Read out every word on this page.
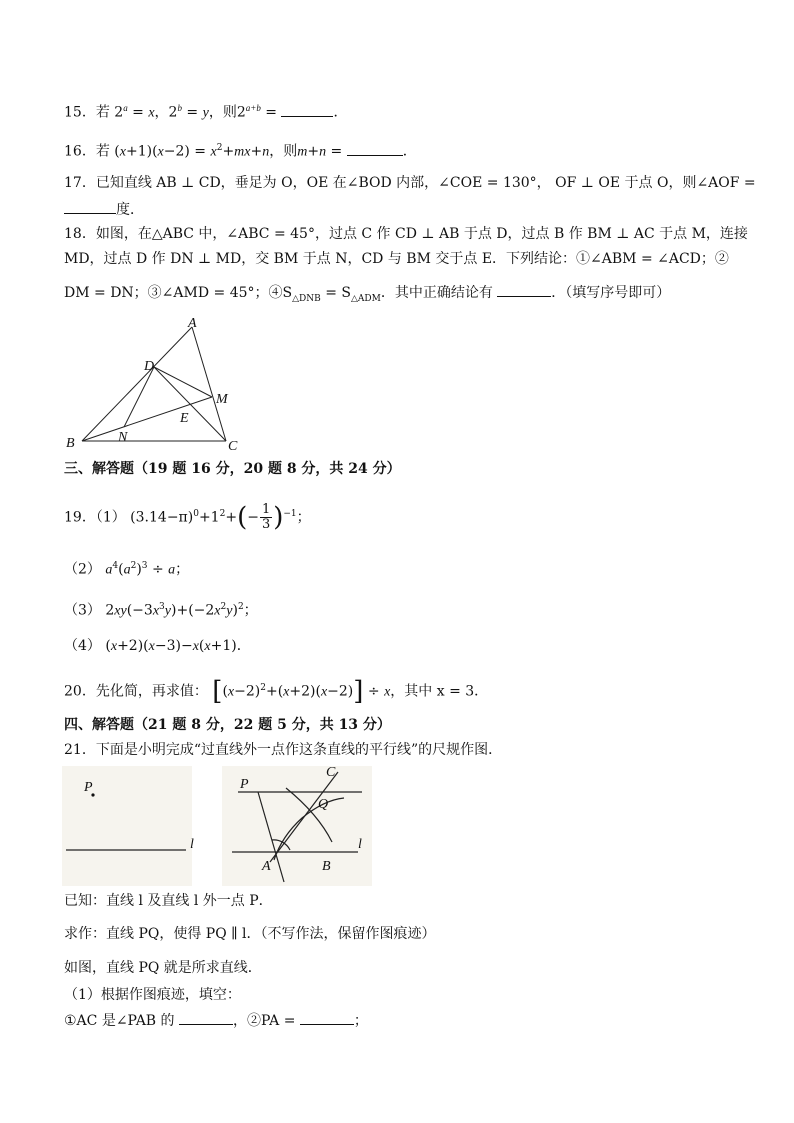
15．若 $2^a = x$，$2^b = y$，则$2^{a+b}$ =	．
16．若 $(x+1)(x-2) = x^2+mx+n$，则m+n =	．
17．已知直线 AB ⊥ CD，垂足为 O，OE 在∠BOD 内部，∠COE = 130°， OF ⊥ OE 于点 O，则∠AOF =
度．
18．如图，在△ABC 中，∠ABC = 45°，过点 C 作 CD ⊥ AB 于点 D，过点 B 作 BM ⊥ AC 于点 M，连接
MD，过点 D 作 DN ⊥ MD，交 BM 于点 N，CD 与 BM 交于点 E．下列结论：①∠ABM = ∠ACD；②
DM = DN；③∠AMD = 45°；$④S_{\triangle DNB} = S_{\triangle ADM}$．其中正确结论有	．（填写序号即可）
A
B	C
D
E
M
N
三、解答题（19 题 16 分，20 题 8 分，共 24 分）
19．（1） $(3.14-\pi)^0+1^2+(- \frac{1}{3} )^{-1}$；
（2） $a^4(a^2)^3 \div a$；
（3） $2xy(-3x^3y)+(-2x^2y)^2$；
（4） (x+2)(x−3)−x(x+1)．
20．先化简，再求值： $[(x-2)^2+(x+2)(x-2)] \div x$，其中 x = 3．
四、解答题（21 题 8 分，22 题 5 分，共 13 分）
21．下面是小明完成“过直线外一点作这条直线的平行线”的尺规作图．
P
l
P
C
Q
A	B
l
已知：直线 l 及直线 l 外一点 P．
求作：直线 PQ，使得 PQ ∥ l．（不写作法，保留作图痕迹）
如图，直线 PQ 就是所求直线．
（1）根据作图痕迹，填空：
①AC 是∠PAB 的	，②PA =	；
